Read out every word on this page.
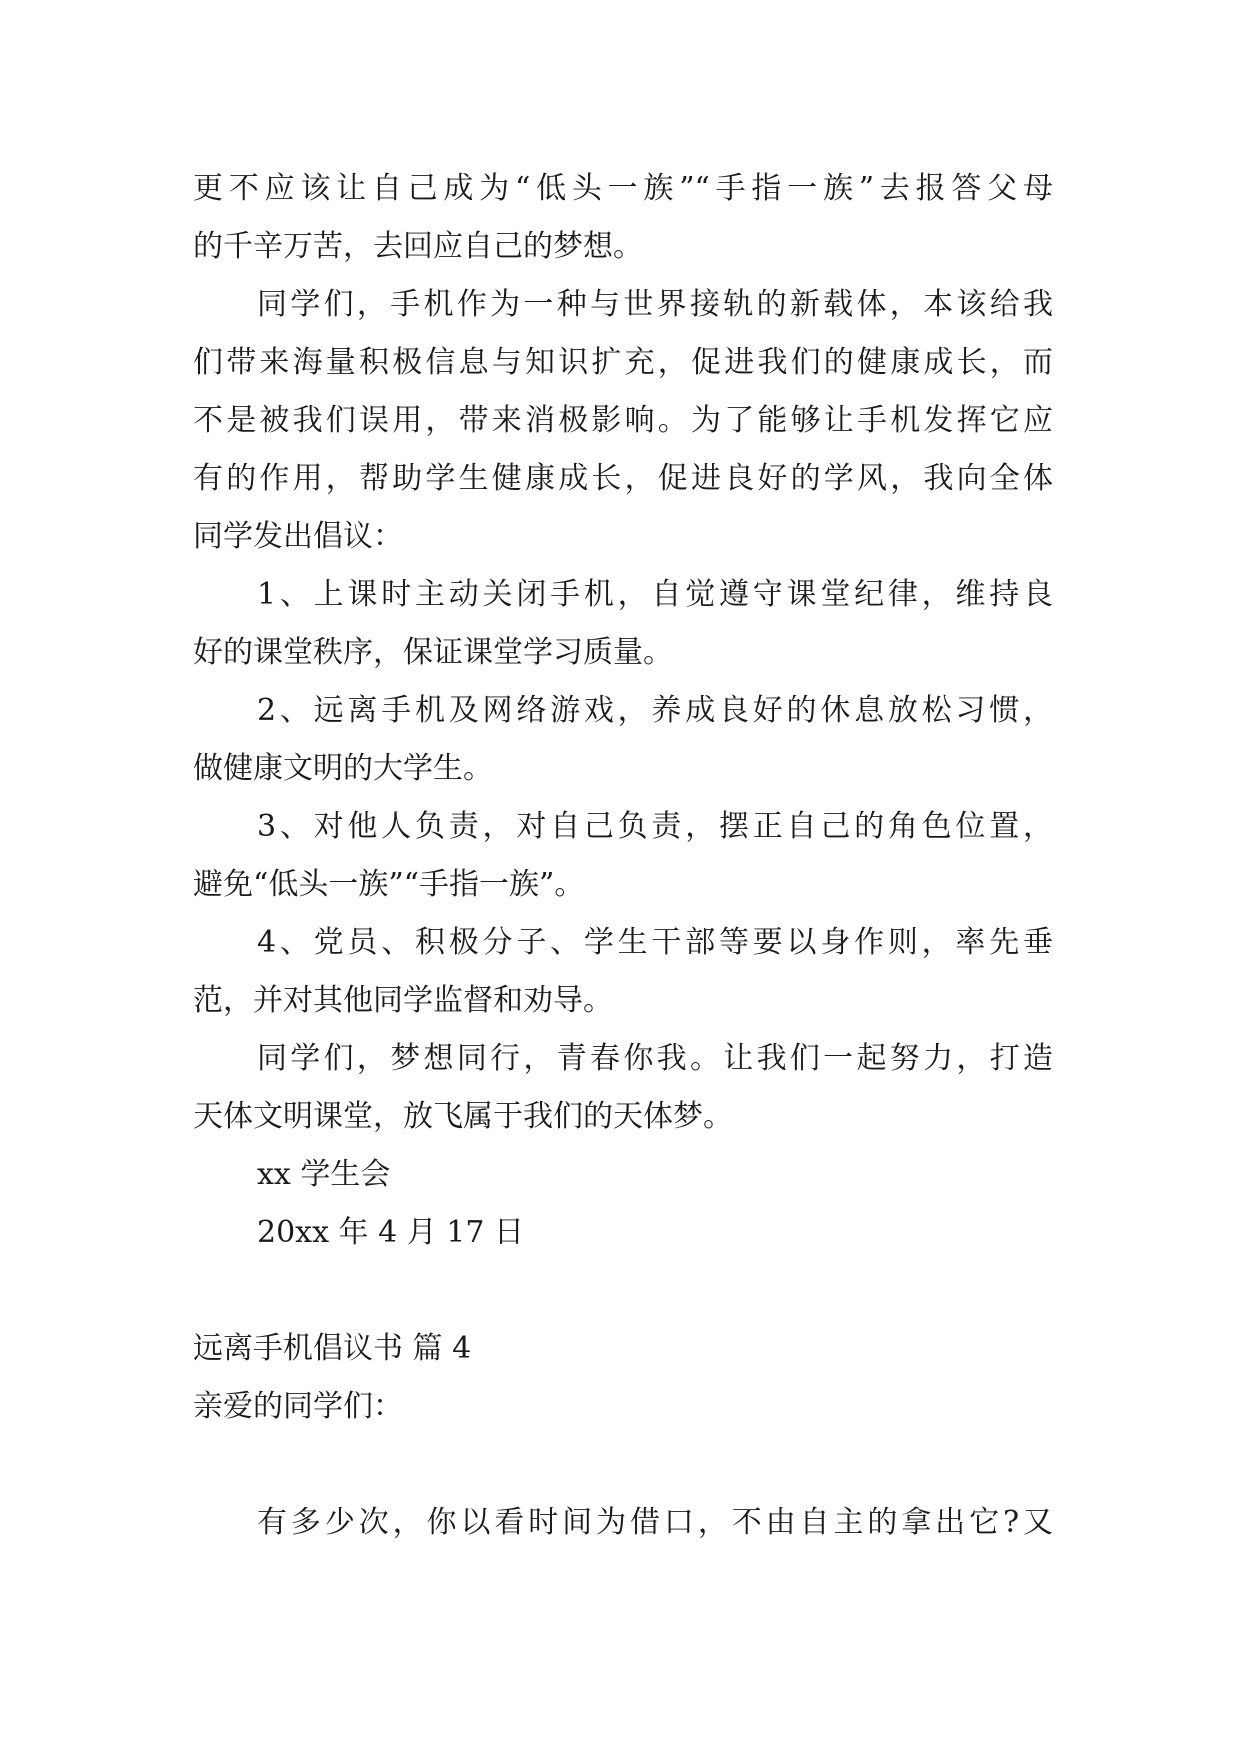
更不应该让自己成为“低头一族”“手指一族”去报答父母
的千辛万苦，去回应自己的梦想。
同学们，手机作为一种与世界接轨的新载体，本该给我
们带来海量积极信息与知识扩充，促进我们的健康成长，而
不是被我们误用，带来消极影响。为了能够让手机发挥它应
有的作用，帮助学生健康成长，促进良好的学风，我向全体
同学发出倡议：
1、上课时主动关闭手机，自觉遵守课堂纪律，维持良
好的课堂秩序，保证课堂学习质量。
2、远离手机及网络游戏，养成良好的休息放松习惯，
做健康文明的大学生。
3、对他人负责，对自己负责，摆正自己的角色位置，
避免“低头一族”“手指一族”。
4、党员、积极分子、学生干部等要以身作则，率先垂
范，并对其他同学监督和劝导。
同学们，梦想同行，青春你我。让我们一起努力，打造
天体文明课堂，放飞属于我们的天体梦。
xx 学生会
20xx 年 4 月 17 日
远离手机倡议书 篇 4
亲爱的同学们：
有多少次，你以看时间为借口，不由自主的拿出它?又
